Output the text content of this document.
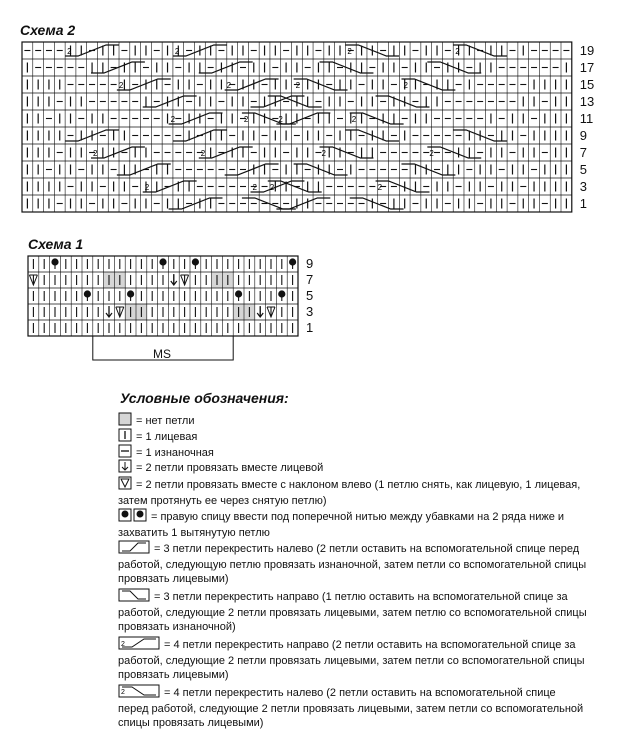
Схема 2
2	2
2	2
2	2
2	2
2	2
2
2
2	2
2	2
2	2
2 2
19
17
15
13
11
9
7
5
3
1
Схема 1
9
7
5
3
1
MS
Условные обозначения:
= нет петли
= 1 лицевая
= 1 изнаночная
= 2 петли провязать вместе лицевой
= 2 петли провязать вместе с наклоном влево (1 петлю снять, как лицевую, 1 лицевая, затем протянуть ее через снятую петлю)
= правую спицу ввести под поперечной нитью между убавками на 2 ряда ниже и захватить 1 вытянутую петлю
= 3 петли перекрестить налево (2 петли оставить на вспомогательной спице перед работой, следующую петлю провязать изнаночной, затем петли со вспомогательной спицы провязать лицевыми)
= 3 петли перекрестить направо (1 петлю оставить на вспомогательной спице за работой, следующие 2 петли провязать лицевыми, затем петлю со вспомогательной спицы провязать изнаночной)
2	= 4 петли перекрестить направо (2 петли оставить на вспомогательной спице за работой, следующие 2 петли провязать лицевыми, затем петли со вспомогательной спицы провязать лицевыми)
2	= 4 петли перекрестить налево (2 петли оставить на вспомогательной спице перед работой, следующие 2 петли провязать лицевыми, затем петли со вспомогательной спицы провязать лицевыми)
